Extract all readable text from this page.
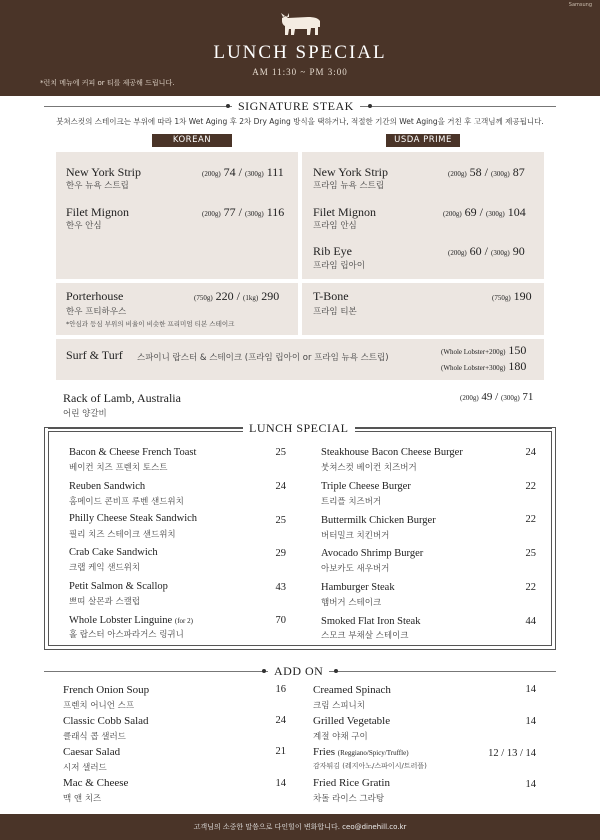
Samsung
LUNCH SPECIAL
AM 11:30 ~ PM 3:00
*런치 메뉴에 커피 or 티를 제공해 드립니다.
SIGNATURE STEAK
붓쳐스컷의 스테이크는 부위에 따라 1차 Wet Aging 후 2차 Dry Aging 방식을 택하거나, 적절한 기간의 Wet Aging을 거친 후 고객님께 제공됩니다.
KOREAN	USDA PRIME
New York Strip
한우 뉴욕 스트립
(200g) 74 / (300g) 111
Filet Mignon
한우 안심
(200g) 77 / (300g) 116
New York Strip
프라임 뉴욕 스트립
(200g) 58 / (300g) 87
Filet Mignon
프라임 안심
(200g) 69 / (300g) 104
Rib Eye
프라임 립아이
(200g) 60 / (300g) 90
Porterhouse
한우 프티하우스
*안심과 등심 부위의 비율이 비슷한 프리미엄 티본 스테이크
(750g) 220 / (1kg) 290	T-Bone
프라임 티본
(750g) 190
Surf & Turf 스파이니 랍스터 & 스테이크 (프라임 립아이 or 프라임 뉴욕 스트립)
(Whole Lobster+200g) 150
(Whole Lobster+300g) 180
Rack of Lamb, Australia
어린 양갈비
(200g) 49 / (300g) 71
LUNCH SPECIAL
Bacon & Cheese French Toast
베이컨 치즈 프렌치 토스트
25
Reuben Sandwich
홈메이드 콘비프 루벤 샌드위치
24
Philly Cheese Steak Sandwich
필리 치즈 스테이크 샌드위치
25
Crab Cake Sandwich
크랩 케익 샌드위치
29
Petit Salmon & Scallop
쁘띠 살몬과 스캘럽
43
Whole Lobster Linguine (for 2)
홀 랍스터 아스파라거스 링귀니
70
Steakhouse Bacon Cheese Burger
붓쳐스컷 베이컨 치즈버거
24
Triple Cheese Burger
트리플 치즈버거
22
Buttermilk Chicken Burger
버터밀크 치킨버거
22
Avocado Shrimp Burger
아보카도 새우버거
25
Hamburger Steak
햄버거 스테이크
22
Smoked Flat Iron Steak
스모크 부채살 스테이크
44
ADD ON
French Onion Soup
프렌치 어니언 스프
16
Classic Cobb Salad
클래식 콥 샐러드
24
Caesar Salad
시저 샐러드
21
Mac & Cheese
맥 앤 치즈
14
Creamed Spinach
크림 스피니치
14
Grilled Vegetable
계절 야채 구이
14
Fries (Reggiano/Spicy/Truffle)
감자튀김 (레지아노/스파이시/트러플)
12 / 13 / 14
Fried Rice Gratin
차돌 라이스 그라탕
14
고객님의 소중한 말씀으로 다인힐이 변화합니다. ceo@dinehill.co.kr
